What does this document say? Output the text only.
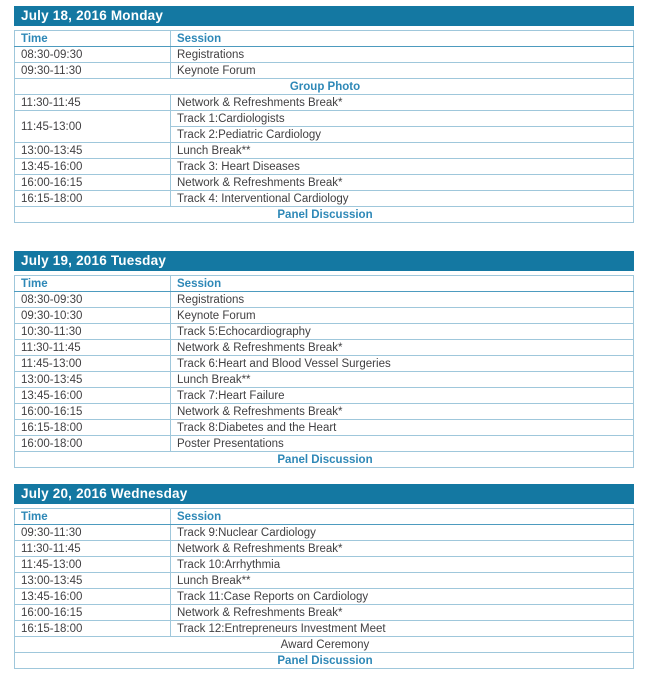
July 18, 2016 Monday
Time	Session
08:30-09:30	Registrations
09:30-11:30	Keynote Forum
Group Photo	
11:30-11:45	Network & Refreshments Break*
11:45-13:00	Track 1:Cardiologists
	Track 2:Pediatric Cardiology
13:00-13:45	Lunch Break**
13:45-16:00	Track 3: Heart Diseases
16:00-16:15	Network & Refreshments Break*
16:15-18:00	Track 4: Interventional Cardiology
Panel Discussion	
July 19, 2016 Tuesday
Time	Session
08:30-09:30	Registrations
09:30-10:30	Keynote Forum
10:30-11:30	Track 5:Echocardiography
11:30-11:45	Network & Refreshments Break*
11:45-13:00	Track 6:Heart and Blood Vessel Surgeries
13:00-13:45	Lunch Break**
13:45-16:00	Track 7:Heart Failure
16:00-16:15	Network & Refreshments Break*
16:15-18:00	Track 8:Diabetes and the Heart
16:00-18:00	Poster Presentations
Panel Discussion	
July 20, 2016 Wednesday
Time	Session
09:30-11:30	Track 9:Nuclear Cardiology
11:30-11:45	Network & Refreshments Break*
11:45-13:00	Track 10:Arrhythmia
13:00-13:45	Lunch Break**
13:45-16:00	Track 11:Case Reports on Cardiology
16:00-16:15	Network & Refreshments Break*
16:15-18:00	Track 12:Entrepreneurs Investment Meet
Award Ceremony	
Panel Discussion	
